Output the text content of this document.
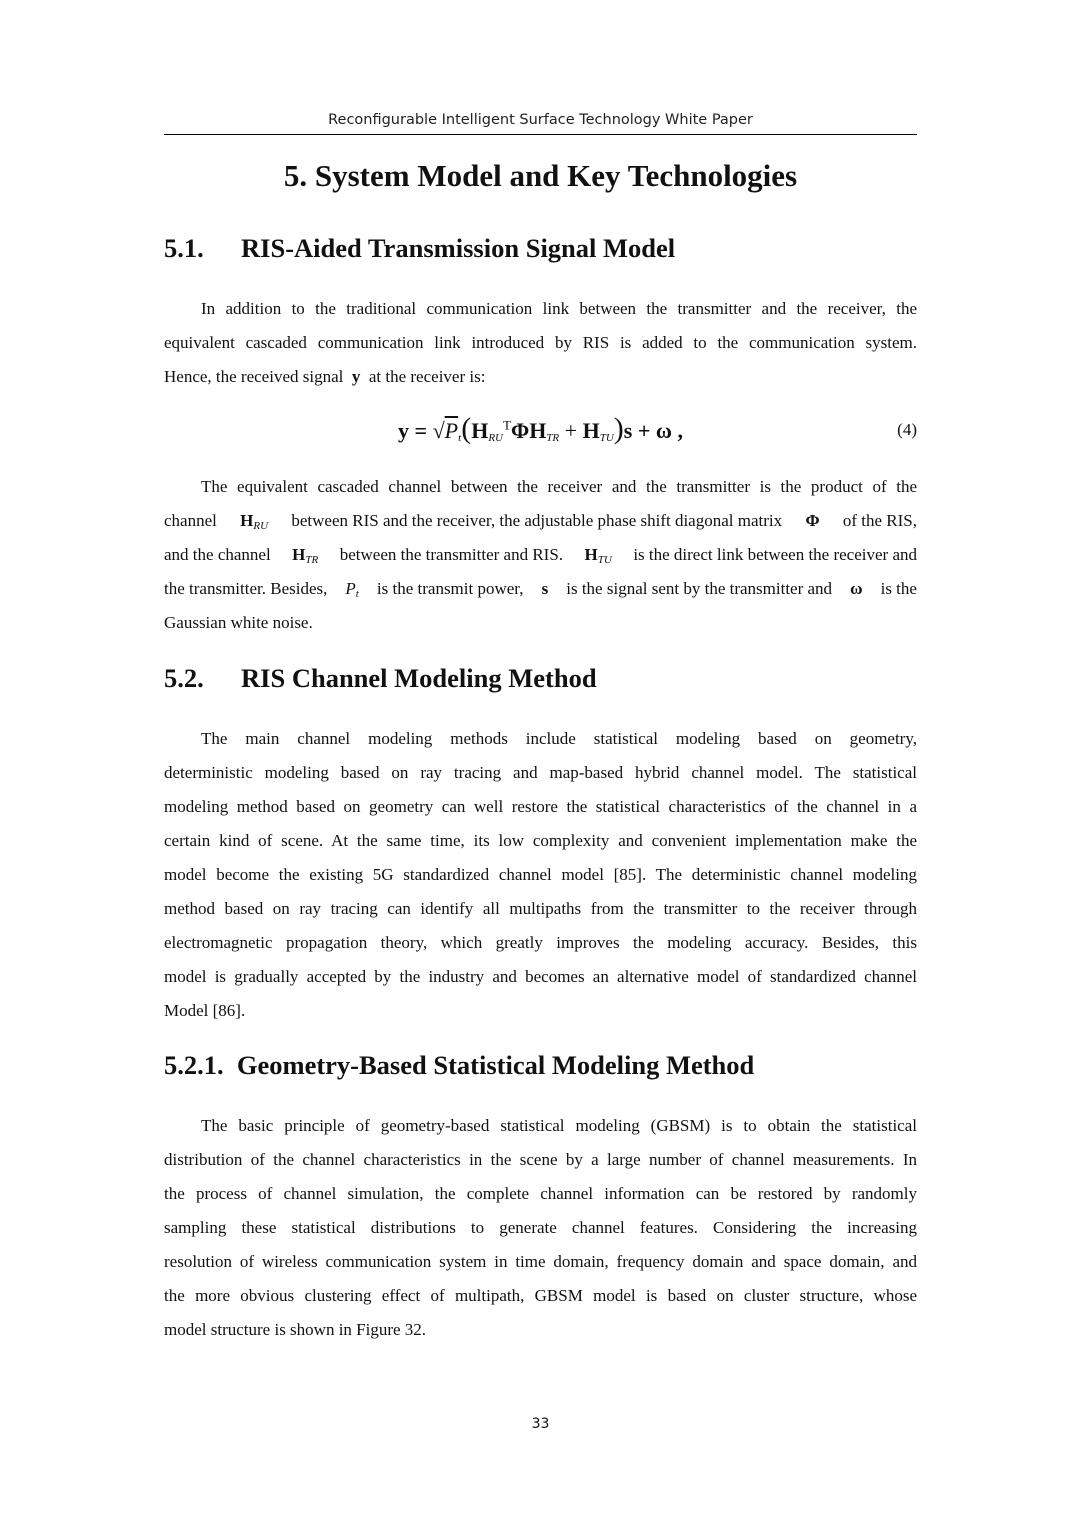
Reconfigurable Intelligent Surface Technology White Paper
5. System Model and Key Technologies
5.1.	RIS-Aided Transmission Signal Model
In addition to the traditional communication link between the transmitter and the receiver, the
equivalent cascaded communication link introduced by RIS is added to the communication system.
Hence, the received signal y at the receiver is:
$y = √P_t(H_{RU}^T\Phi H_{TR} + H_{TU})s + \omega$ ,	(4)
The equivalent cascaded channel between the receiver and the transmitter is the product of the
channel $H_{RU}$ between RIS and the receiver, the adjustable phase shift diagonal matrix Φ of the RIS,
and the channel $H_{TR}$ between the transmitter and RIS. $H_{TU}$ is the direct link between the receiver and
the transmitter. Besides, $P_t$ is the transmit power, s is the signal sent by the transmitter and ω is the
Gaussian white noise.
5.2.	RIS Channel Modeling Method
The main channel modeling methods include statistical modeling based on geometry,
deterministic modeling based on ray tracing and map-based hybrid channel model. The statistical
modeling method based on geometry can well restore the statistical characteristics of the channel in a
certain kind of scene. At the same time, its low complexity and convenient implementation make the
model become the existing 5G standardized channel model [85]. The deterministic channel modeling
method based on ray tracing can identify all multipaths from the transmitter to the receiver through
electromagnetic propagation theory, which greatly improves the modeling accuracy. Besides, this
model is gradually accepted by the industry and becomes an alternative model of standardized channel
Model [86].
5.2.1. Geometry-Based Statistical Modeling Method
The basic principle of geometry-based statistical modeling (GBSM) is to obtain the statistical
distribution of the channel characteristics in the scene by a large number of channel measurements. In
the process of channel simulation, the complete channel information can be restored by randomly
sampling these statistical distributions to generate channel features. Considering the increasing
resolution of wireless communication system in time domain, frequency domain and space domain, and
the more obvious clustering effect of multipath, GBSM model is based on cluster structure, whose
model structure is shown in Figure 32.
33
